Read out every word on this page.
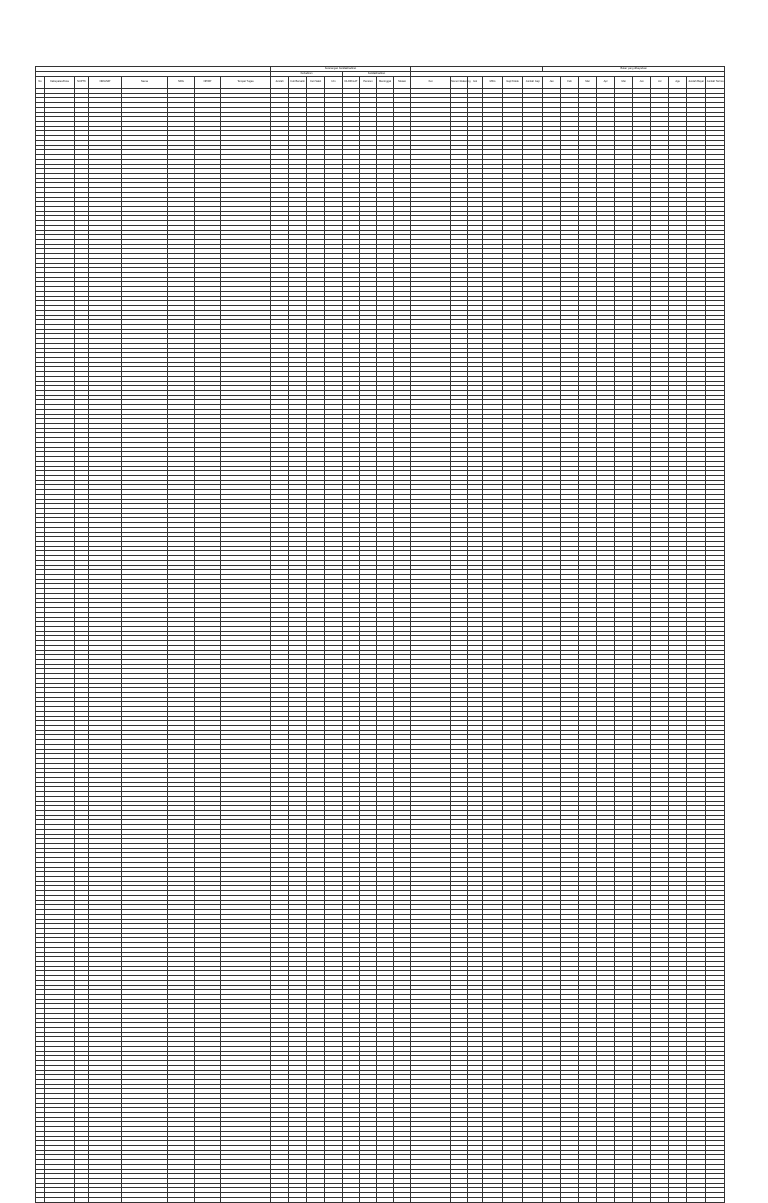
								Keterangan Ketidakhadiran														Bulan yang dibayarkan									
								Kehadiran				Ketidakhadiran																			
No	Kabupaten/Kota	NUPTK	NRG/NIP	Nama	NRG	NPWP	Tempat Tugas	Jumlah	Cuti Bersalin	Cuti Sakit	Izin	DL/DIKLAT	Pensiun	Meninggal	Mutasi	Ket	Nomor Rekening	Gol	MKG	Gaji Pokok	Jumlah Gaji	Jan	Feb	Mar	Apr	Mei	Jun	Jul	Agu	Jumlah Bayar	Jumlah Terima
